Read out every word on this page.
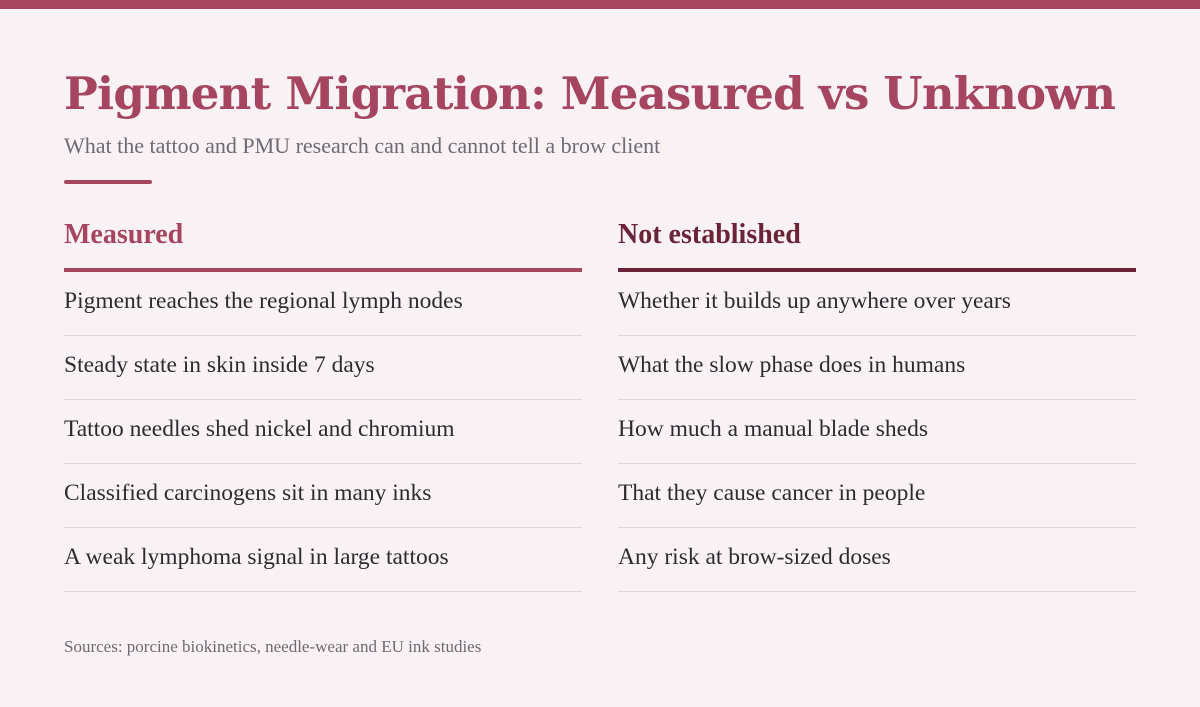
Pigment Migration: Measured vs Unknown

What the tattoo and PMU research can and cannot tell a brow client

Measured
Pigment reaches the regional lymph nodes
Steady state in skin inside 7 days
Tattoo needles shed nickel and chromium
Classified carcinogens sit in many inks
A weak lymphoma signal in large tattoos
Not established
Whether it builds up anywhere over years
What the slow phase does in humans
How much a manual blade sheds
That they cause cancer in people
Any risk at brow-sized doses

Sources: porcine biokinetics, needle-wear and EU ink studies
